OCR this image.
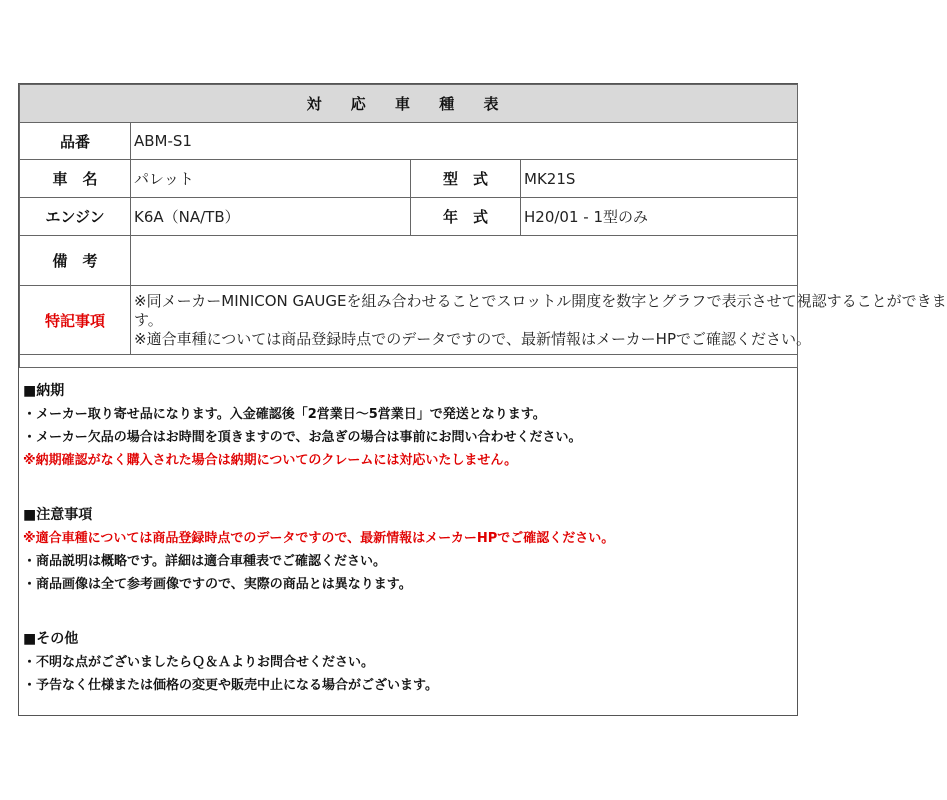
対 応 車 種 表			
品番	ABM-S1		
車　名	パレット	型　式	MK21S
エンジン	K6A（NA/TB）	年　式	H20/01 - 1型のみ
備　考			
特記事項	※同メーカーMINICON GAUGEを組み合わせることでスロットル開度を数字とグラフで表示させて視認することができま
す。
※適合車種については商品登録時点でのデータですので、最新情報はメーカーHPでご確認ください。		

■納期
・メーカー取り寄せ品になります。入金確認後「2営業日～5営業日」で発送となります。
・メーカー欠品の場合はお時間を頂きますので、お急ぎの場合は事前にお問い合わせください。
※納期確認がなく購入された場合は納期についてのクレームには対応いたしません。
■注意事項
※適合車種については商品登録時点でのデータですので、最新情報はメーカーHPでご確認ください。
・商品説明は概略です。詳細は適合車種表でご確認ください。
・商品画像は全て参考画像ですので、実際の商品とは異なります。
■その他
・不明な点がございましたらＱ＆Ａよりお問合せください。
・予告なく仕様または価格の変更や販売中止になる場合がございます。
